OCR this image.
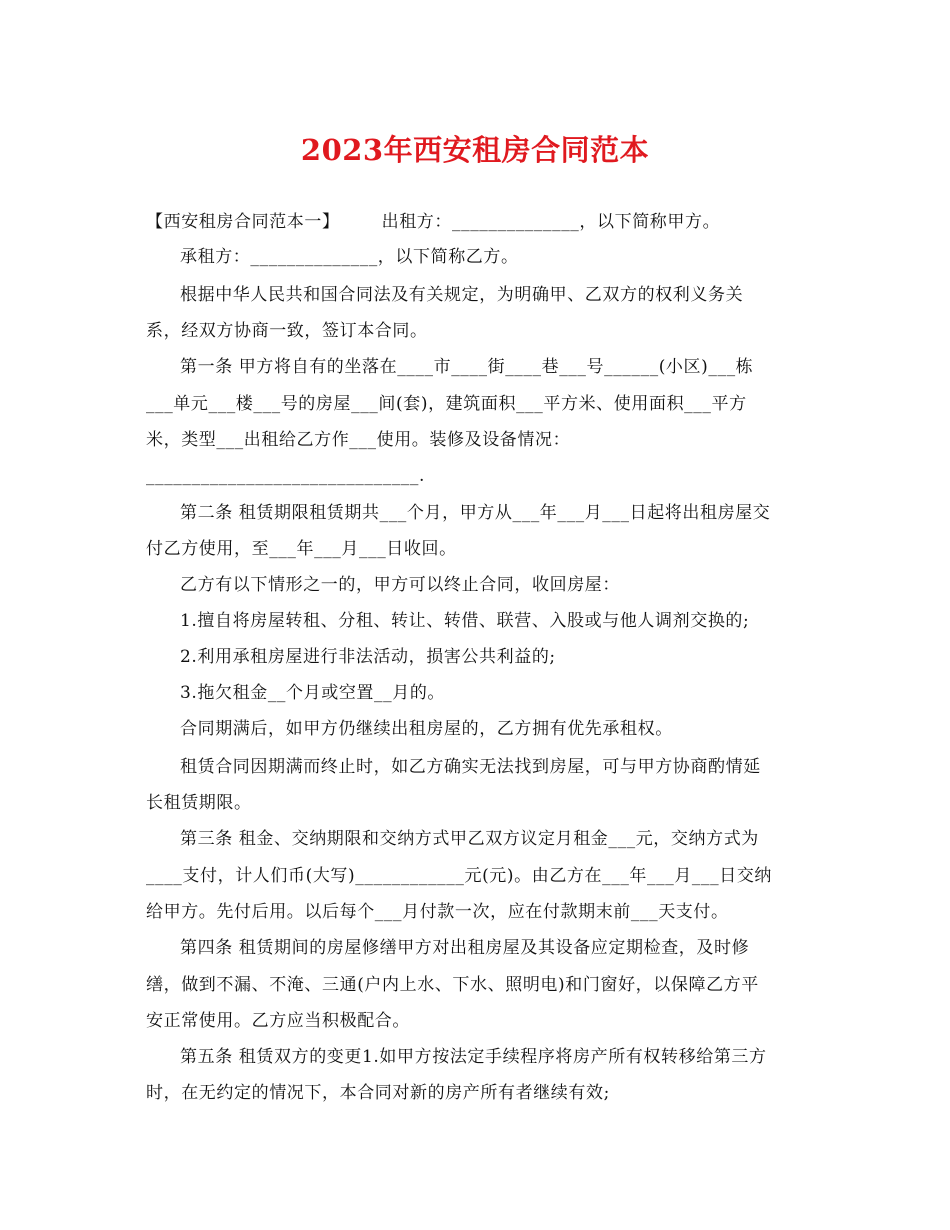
2023年西安租房合同范本
【西安租房合同范本一】 出租方：______________，以下简称甲方。
承租方：______________，以下简称乙方。
根据中华人民共和国合同法及有关规定，为明确甲、乙双方的权利义务关
系，经双方协商一致，签订本合同。
第一条 甲方将自有的坐落在____市____街____巷___号______(小区)___栋
___单元___楼___号的房屋___间(套)，建筑面积___平方米、使用面积___平方
米，类型___出租给乙方作___使用。装修及设备情况：
______________________________.
第二条 租赁期限租赁期共___个月，甲方从___年___月___日起将出租房屋交
付乙方使用，至___年___月___日收回。
乙方有以下情形之一的，甲方可以终止合同，收回房屋：
1.擅自将房屋转租、分租、转让、转借、联营、入股或与他人调剂交换的;
2.利用承租房屋进行非法活动，损害公共利益的;
3.拖欠租金__个月或空置__月的。
合同期满后，如甲方仍继续出租房屋的，乙方拥有优先承租权。
租赁合同因期满而终止时，如乙方确实无法找到房屋，可与甲方协商酌情延
长租赁期限。
第三条 租金、交纳期限和交纳方式甲乙双方议定月租金___元，交纳方式为
____支付，计人们币(大写)____________元(元)。由乙方在___年___月___日交纳
给甲方。先付后用。以后每个___月付款一次，应在付款期末前___天支付。
第四条 租赁期间的房屋修缮甲方对出租房屋及其设备应定期检查，及时修
缮，做到不漏、不淹、三通(户内上水、下水、照明电)和门窗好，以保障乙方平
安正常使用。乙方应当积极配合。
第五条 租赁双方的变更1.如甲方按法定手续程序将房产所有权转移给第三方
时，在无约定的情况下，本合同对新的房产所有者继续有效;
